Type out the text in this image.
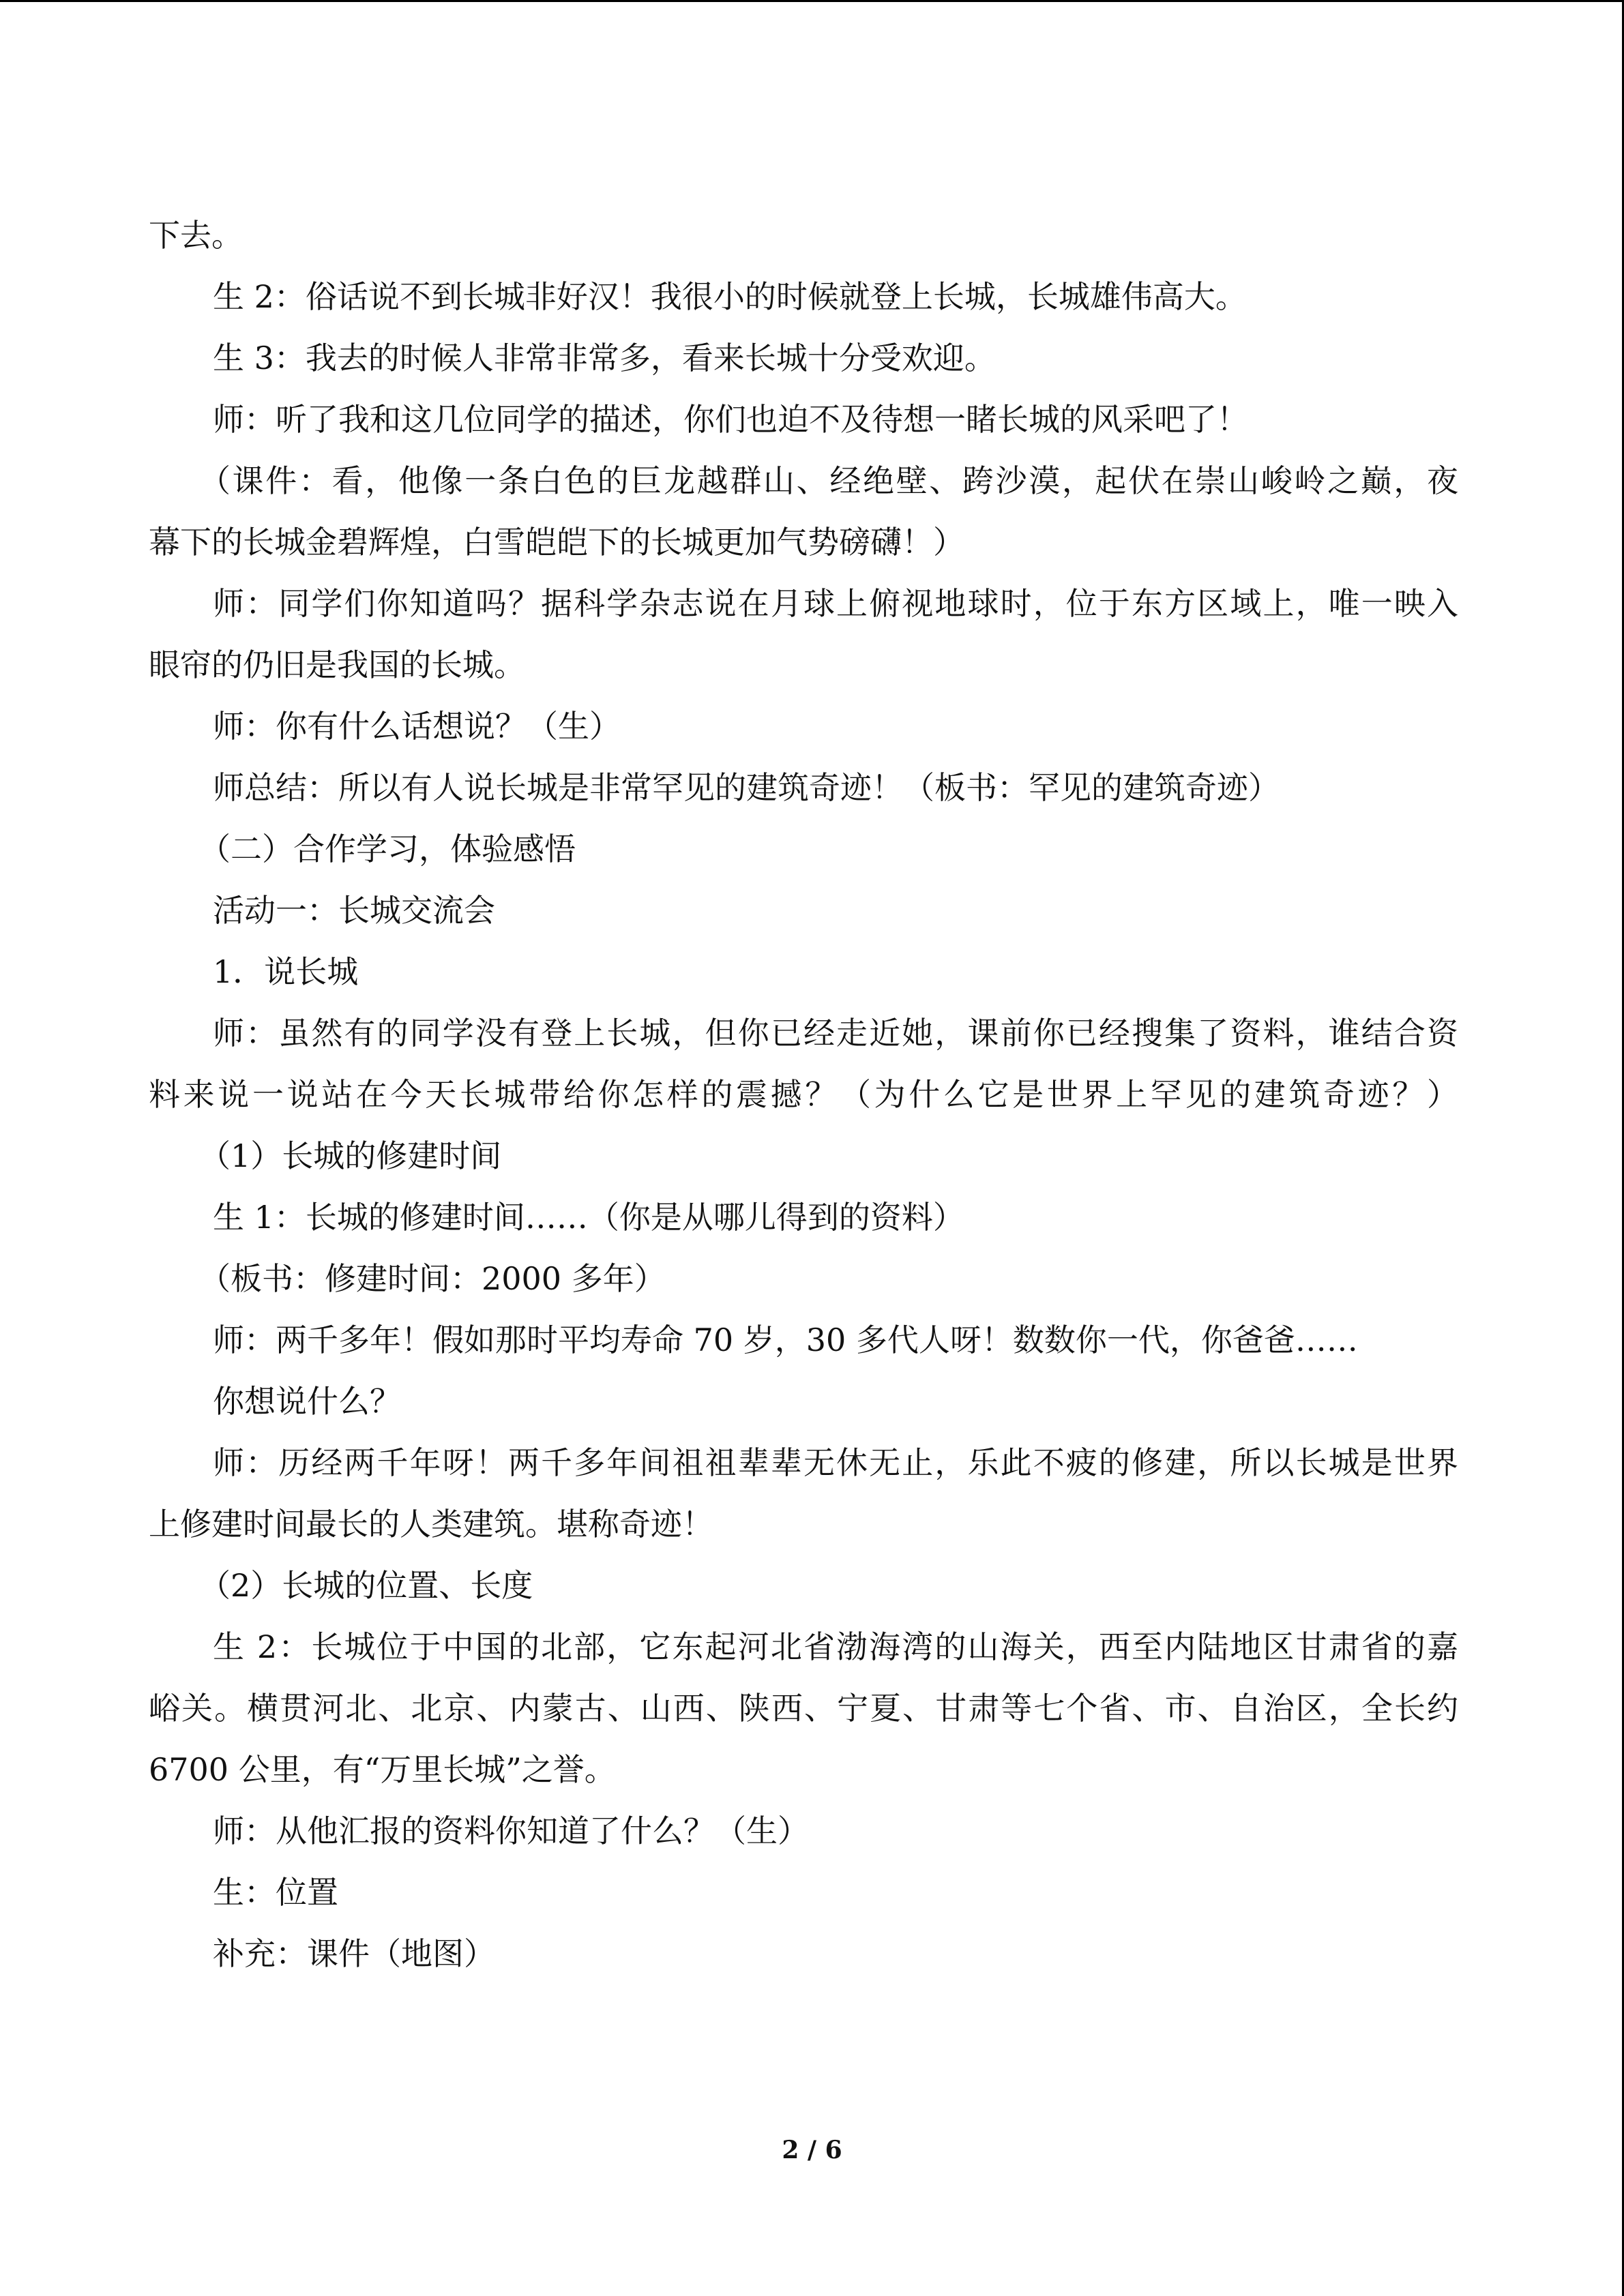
下去。

生 2：俗话说不到长城非好汉！我很小的时候就登上长城，长城雄伟高大。

生 3：我去的时候人非常非常多，看来长城十分受欢迎。

师：听了我和这几位同学的描述，你们也迫不及待想一睹长城的风采吧了！

（课件：看，他像一条白色的巨龙越群山、经绝壁、跨沙漠，起伏在崇山峻岭之巅，夜

幕下的长城金碧辉煌，白雪皑皑下的长城更加气势磅礴！）

师：同学们你知道吗？据科学杂志说在月球上俯视地球时，位于东方区域上，唯一映入

眼帘的仍旧是我国的长城。

师：你有什么话想说？（生）

师总结：所以有人说长城是非常罕见的建筑奇迹！（板书：罕见的建筑奇迹）

（二）合作学习，体验感悟

活动一：长城交流会

1．说长城

师：虽然有的同学没有登上长城，但你已经走近她，课前你已经搜集了资料，谁结合资

料来说一说站在今天长城带给你怎样的震撼？（为什么它是世界上罕见的建筑奇迹？）

（1）长城的修建时间

生 1：长城的修建时间……（你是从哪儿得到的资料）

（板书：修建时间：2000 多年）

师：两千多年！假如那时平均寿命 70 岁，30 多代人呀！数数你一代，你爸爸……

你想说什么？

师：历经两千年呀！两千多年间祖祖辈辈无休无止，乐此不疲的修建，所以长城是世界

上修建时间最长的人类建筑。堪称奇迹！

（2）长城的位置、长度

生 2：长城位于中国的北部，它东起河北省渤海湾的山海关，西至内陆地区甘肃省的嘉

峪关。横贯河北、北京、内蒙古、山西、陕西、宁夏、甘肃等七个省、市、自治区，全长约

6700 公里，有“万里长城”之誉。

师：从他汇报的资料你知道了什么？（生）

生：位置

补充：课件（地图）

2 / 6
